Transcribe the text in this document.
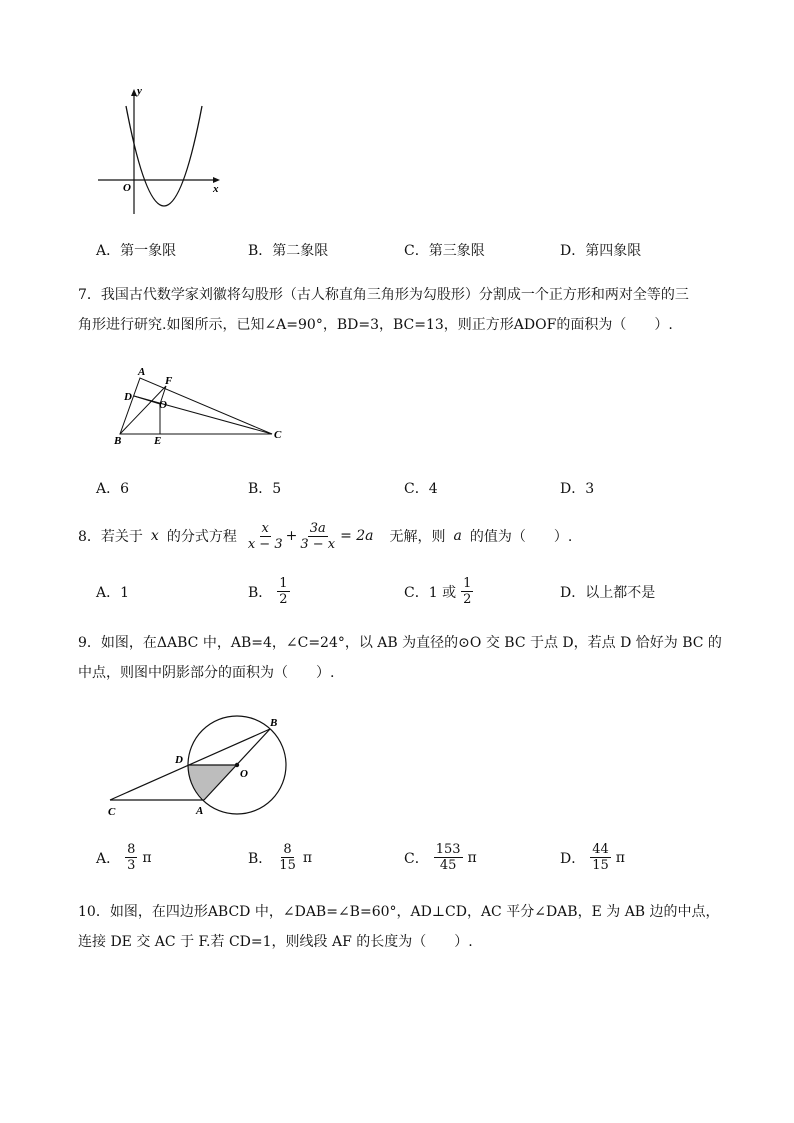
y
x
O
A．第一象限	B．第二象限	C．第三象限	D．第四象限
7．我国古代数学家刘徽将勾股形（古人称直角三角形为勾股形）分割成一个正方形和两对全等的三
角形进行研究.如图所示，已知∠A=90°，BD=3，BC=13，则正方形ADOF的面积为（　　）.
A
F
D
O
B	E	C
A．6	B．5	C．4	D．3
8．若关于 x 的分式方程 $\frac{x}{x - 3} + \frac{3a}{3 - x} = 2a$ 无解，则 a 的值为（　　）.
A．1	B． $\frac{1}{2}$	C．1 或 $\frac{1}{2}$	D．以上都不是
9．如图，在ΔABC 中，AB=4，∠C=24°，以 AB 为直径的⊙O 交 BC 于点 D，若点 D 恰好为 BC 的
中点，则图中阴影部分的面积为（　　）.
B
D
O
C	A
A． $\frac{8}{3}$ π	B． $\frac{8}{15}$ π	C． $\frac{153}{45}$ π	D． $\frac{44}{15}$ π
10．如图，在四边形ABCD 中，∠DAB=∠B=60°，AD⊥CD，AC 平分∠DAB，E 为 AB 边的中点，
连接 DE 交 AC 于 F.若 CD=1，则线段 AF 的长度为（　　）.
